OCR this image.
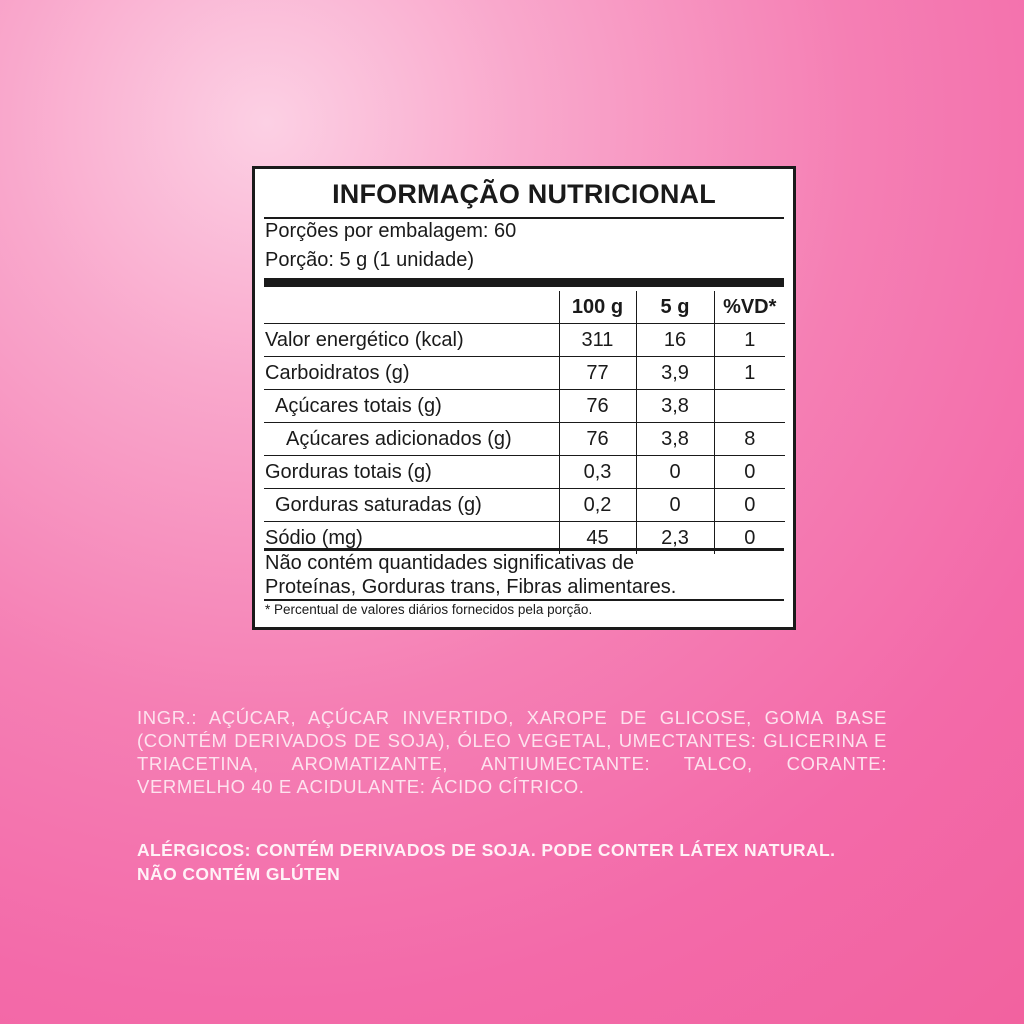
INFORMAÇÃO NUTRICIONAL
Porções por embalagem: 60
Porção: 5 g (1 unidade)
	100 g	5 g	%VD*
Valor energético (kcal)	311	16	1
Carboidratos (g)	77	3,9	1
Açúcares totais (g)	76	3,8	
Açúcares adicionados (g)	76	3,8	8
Gorduras totais (g)	0,3	0	0
Gorduras saturadas (g)	0,2	0	0
Sódio (mg)	45	2,3	0
Não contém quantidades significativas de
Proteínas, Gorduras trans, Fibras alimentares.
* Percentual de valores diários fornecidos pela porção.
INGR.: AÇÚCAR, AÇÚCAR INVERTIDO, XAROPE DE GLICOSE, GOMA BASE (CONTÉM DERIVADOS DE SOJA), ÓLEO VEGETAL, UMECTANTES: GLICERINA E TRIACETINA, AROMATIZANTE, ANTIUMECTANTE: TALCO, CORANTE: VERMELHO 40 E ACIDULANTE: ÁCIDO CÍTRICO.
ALÉRGICOS: CONTÉM DERIVADOS DE SOJA. PODE CONTER LÁTEX NATURAL.
NÃO CONTÉM GLÚTEN
